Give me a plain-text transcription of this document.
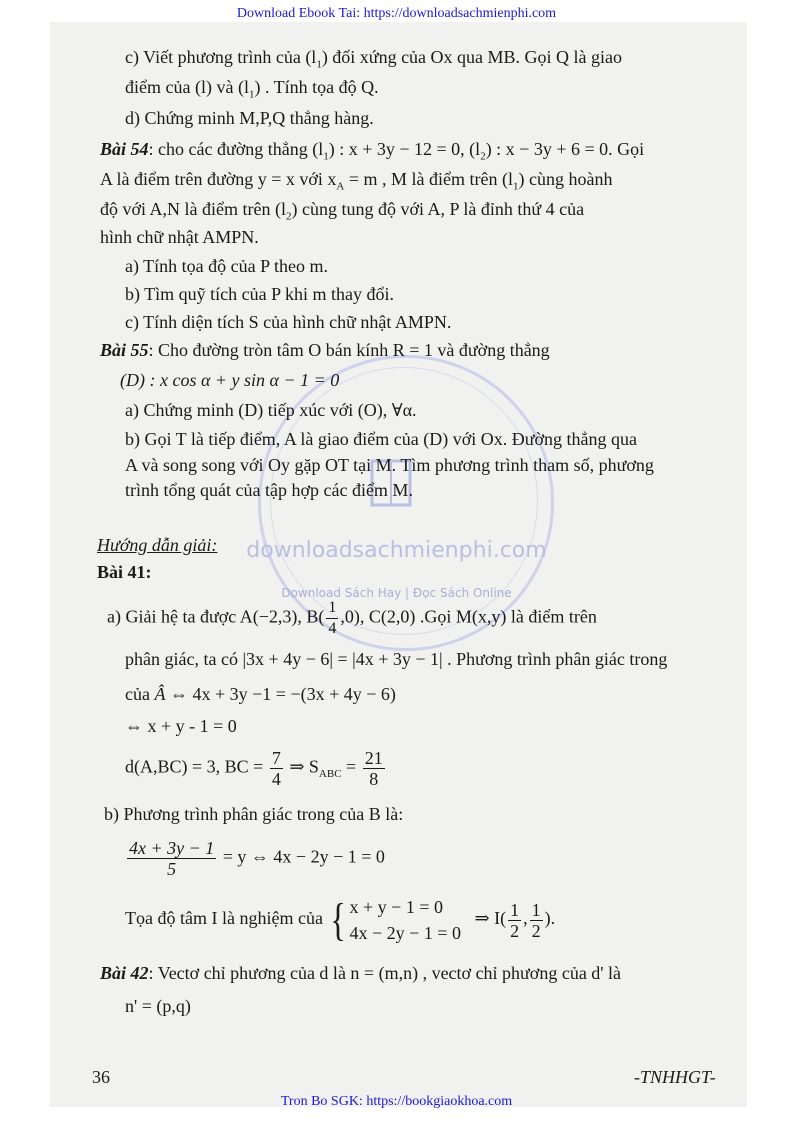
Download Ebook Tai: https://downloadsachmienphi.com
downloadsachmienphi.com
Download Sách Hay | Đọc Sách Online
c) Viết phương trình của $(l_1)$ đối xứng của Ox qua MB. Gọi Q là giao
điểm của (l) và $(l_1)$ . Tính tọa độ Q.
d) Chứng minh M,P,Q thẳng hàng.
Bài 54: cho các đường thẳng $(l_1)$ : x + 3y − 12 = 0, $(l_2)$ : x − 3y + 6 = 0. Gọi
A là điểm trên đường y = x với $x_A = m$ , M là điểm trên $(l_1)$ cùng hoành
độ với A,N là điểm trên $(l_2)$ cùng tung độ với A, P là đỉnh thứ 4 của
hình chữ nhật AMPN.
a) Tính tọa độ của P theo m.
b) Tìm quỹ tích của P khi m thay đổi.
c) Tính diện tích S của hình chữ nhật AMPN.
Bài 55: Cho đường tròn tâm O bán kính R = 1 và đường thẳng
(D) : x cos α + y sin α − 1 = 0
a) Chứng minh (D) tiếp xúc với (O), ∀α.
b) Gọi T là tiếp điểm, A là giao điểm của (D) với Ox. Đường thẳng qua
A và song song với Oy gặp OT tại M. Tìm phương trình tham số, phương
trình tổng quát của tập hợp các điểm M.
Hướng dẫn giải:
Bài 41:
a) Giải hệ ta được A(−2,3), $B( \frac{1}{4} ,0)$, C(2,0) .Gọi M(x,y) là điểm trên
phân giác, ta có |3x + 4y − 6| = |4x + 3y − 1| . Phương trình phân giác trong
của Â ⇔ 4x + 3y −1 = −(3x + 4y − 6)
⇔ x + y - 1 = 0
d(A,BC) = 3, BC = $\frac{7}{4}$ ⇒ $S_{ABC} = \frac{21}{8}$
b) Phương trình phân giác trong của B là:
$\frac{4x + 3y - 1}{5} = y$ ⇔ 4x − 2y − 1 = 0
Tọa độ tâm I là nghiệm của { x + y − 1 = 0
4x − 2y − 1 = 0
⇒ $I( \frac{1}{2}$ , $\frac{1}{2}$ ).
Bài 42: Vectơ chỉ phương của d là n = (m,n) , vectơ chỉ phương của d' là
n' = (p,q)
36	-TNHHGT-
Tron Bo SGK: https://bookgiaokhoa.com
